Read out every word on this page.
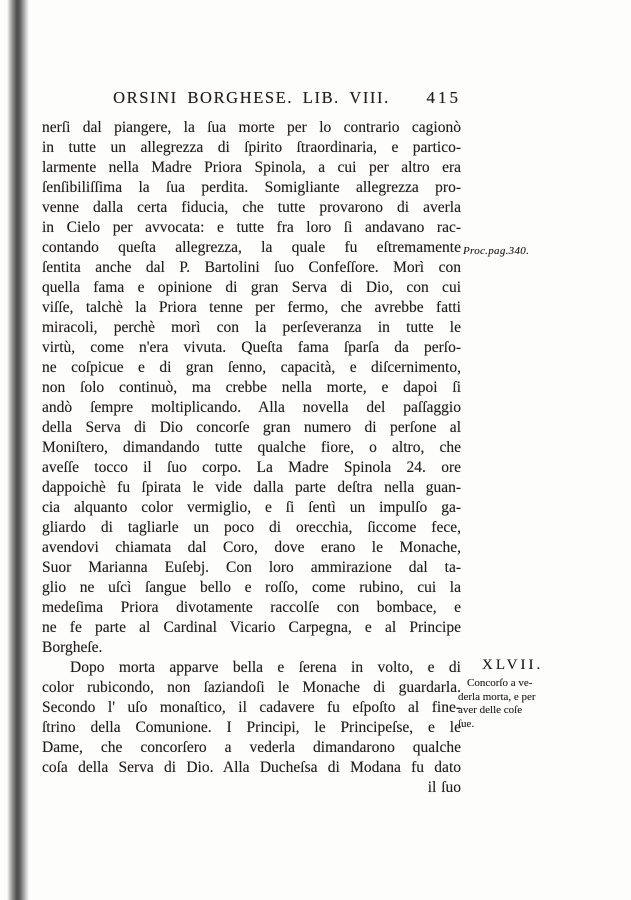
ORSINI BORGHESE. LIB. VIII. 415
nerſi dal piangere, la ſua morte per lo contrario cagionò
in tutte un allegrezza di ſpirito ſtraordinaria, e partico-
larmente nella Madre Priora Spinola, a cui per altro era
ſenſibiliſſima la ſua perdita. Somigliante allegrezza pro-
venne dalla certa fiducia, che tutte provarono di averla
in Cielo per avvocata: e tutte fra loro ſi andavano rac-
contando queſta allegrezza, la quale fu eſtremamente
ſentita anche dal P. Bartolini ſuo Confeſſore. Morì con
quella fama e opinione di gran Serva di Dio, con cui
viſſe, talchè la Priora tenne per fermo, che avrebbe fatti
miracoli, perchè morì con la perſeveranza in tutte le
virtù, come n'era vivuta. Queſta fama ſparſa da perſo-
ne coſpicue e di gran ſenno, capacità, e diſcernimento,
non ſolo continuò, ma crebbe nella morte, e dapoi ſi
andò ſempre moltiplicando. Alla novella del paſſaggio
della Serva di Dio concorſe gran numero di perſone al
Moniſtero, dimandando tutte qualche fiore, o altro, che
aveſſe tocco il ſuo corpo. La Madre Spinola 24. ore
dappoichè fu ſpirata le vide dalla parte deſtra nella guan-
cia alquanto color vermiglio, e ſi ſentì un impulſo ga-
gliardo di tagliarle un poco di orecchia, ſiccome fece,
avendovi chiamata dal Coro, dove erano le Monache,
Suor Marianna Euſebj. Con loro ammirazione dal ta-
glio ne uſcì ſangue bello e roſſo, come rubino, cui la
medeſima Priora divotamente raccolſe con bombace, e
ne fe parte al Cardinal Vicario Carpegna, e al Principe
Borgheſe.
Dopo morta apparve bella e ſerena in volto, e di
color rubicondo, non ſaziandoſi le Monache di guardarla.
Secondo l' uſo monaſtico, il cadavere fu eſpoſto al fine-
ſtrino della Comunione. I Principi, le Principeſse, e le
Dame, che concorſero a vederla dimandarono qualche
coſa della Serva di Dio. Alla Ducheſsa di Modana fu dato
il ſuo
Proc.pag.340.
XLVII.
Concorſo a ve-
derla morta, e per
aver delle coſe
ſue.
